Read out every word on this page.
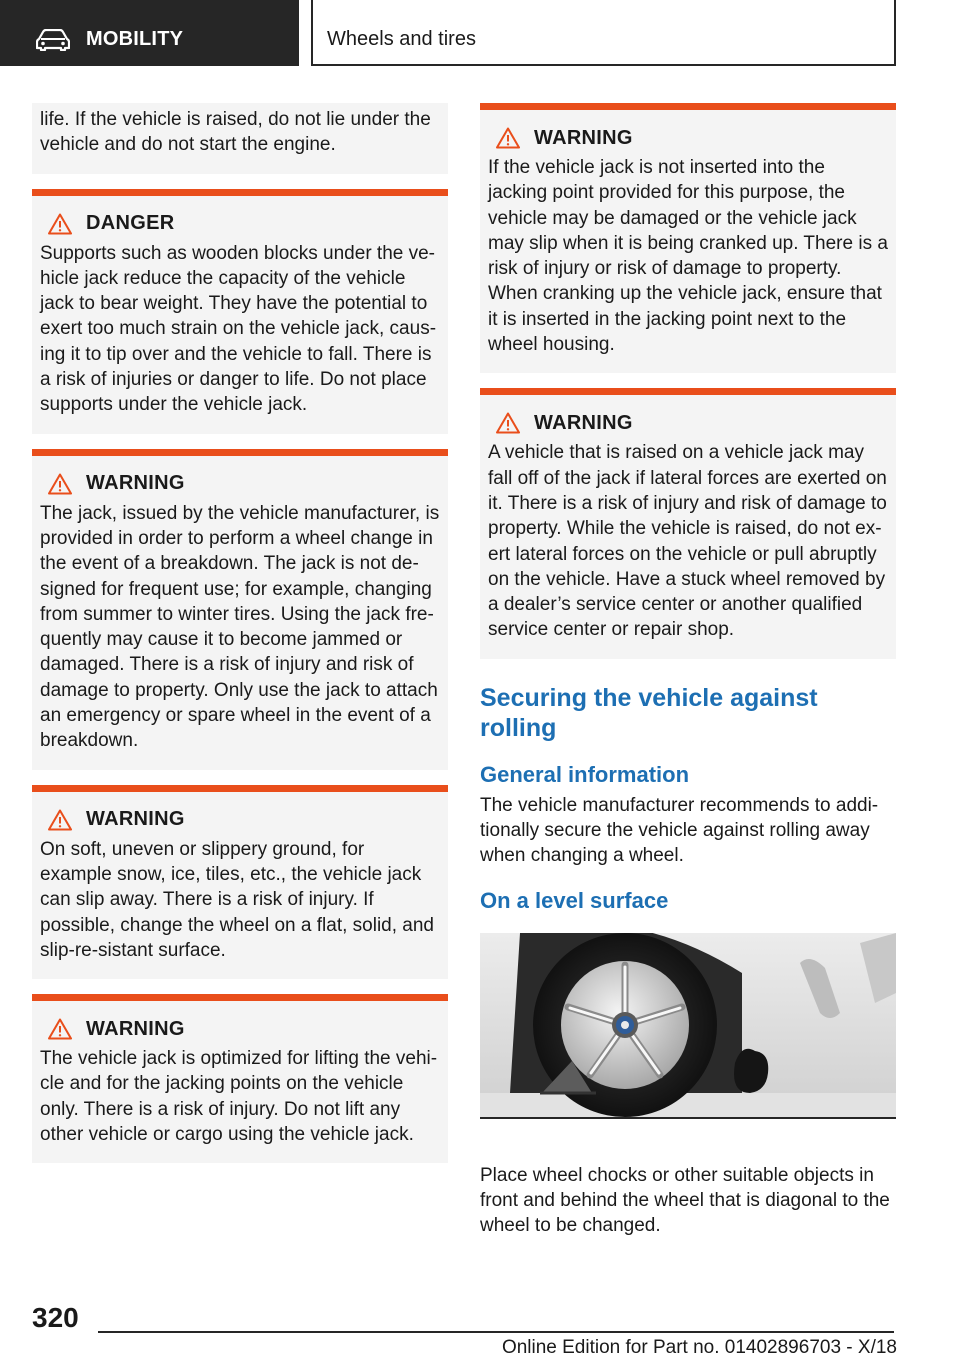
MOBILITY	Wheels and tires
life. If the vehicle is raised, do not lie under the vehicle and do not start the engine.
DANGER
Supports such as wooden blocks under the ve‐hicle jack reduce the capacity of the vehicle jack to bear weight. They have the potential to exert too much strain on the vehicle jack, caus‐ing it to tip over and the vehicle to fall. There is a risk of injuries or danger to life. Do not place supports under the vehicle jack.
WARNING
The jack, issued by the vehicle manufacturer, is provided in order to perform a wheel change in the event of a breakdown. The jack is not de‐signed for frequent use; for example, changing from summer to winter tires. Using the jack fre‐quently may cause it to become jammed or damaged. There is a risk of injury and risk of damage to property. Only use the jack to attach an emergency or spare wheel in the event of a breakdown.
WARNING
On soft, uneven or slippery ground, for example snow, ice, tiles, etc., the vehicle jack can slip away. There is a risk of injury. If possible, change the wheel on a flat, solid, and slip-re‐sistant surface.
WARNING
The vehicle jack is optimized for lifting the vehi‐cle and for the jacking points on the vehicle only. There is a risk of injury. Do not lift any other vehicle or cargo using the vehicle jack.
WARNING
If the vehicle jack is not inserted into the jacking point provided for this purpose, the vehicle may be damaged or the vehicle jack may slip when it is being cranked up. There is a risk of injury or risk of damage to property. When cranking up the vehicle jack, ensure that it is inserted in the jacking point next to the wheel housing.
WARNING
A vehicle that is raised on a vehicle jack may fall off of the jack if lateral forces are exerted on it. There is a risk of injury and risk of damage to property. While the vehicle is raised, do not ex‐ert lateral forces on the vehicle or pull abruptly on the vehicle. Have a stuck wheel removed by a dealer’s service center or another qualified service center or repair shop.
Securing the vehicle against rolling
General information
The vehicle manufacturer recommends to addi‐tionally secure the vehicle against rolling away when changing a wheel.
On a level surface
Place wheel chocks or other suitable objects in front and behind the wheel that is diagonal to the wheel to be changed.
320
Online Edition for Part no. 01402896703 - X/18
